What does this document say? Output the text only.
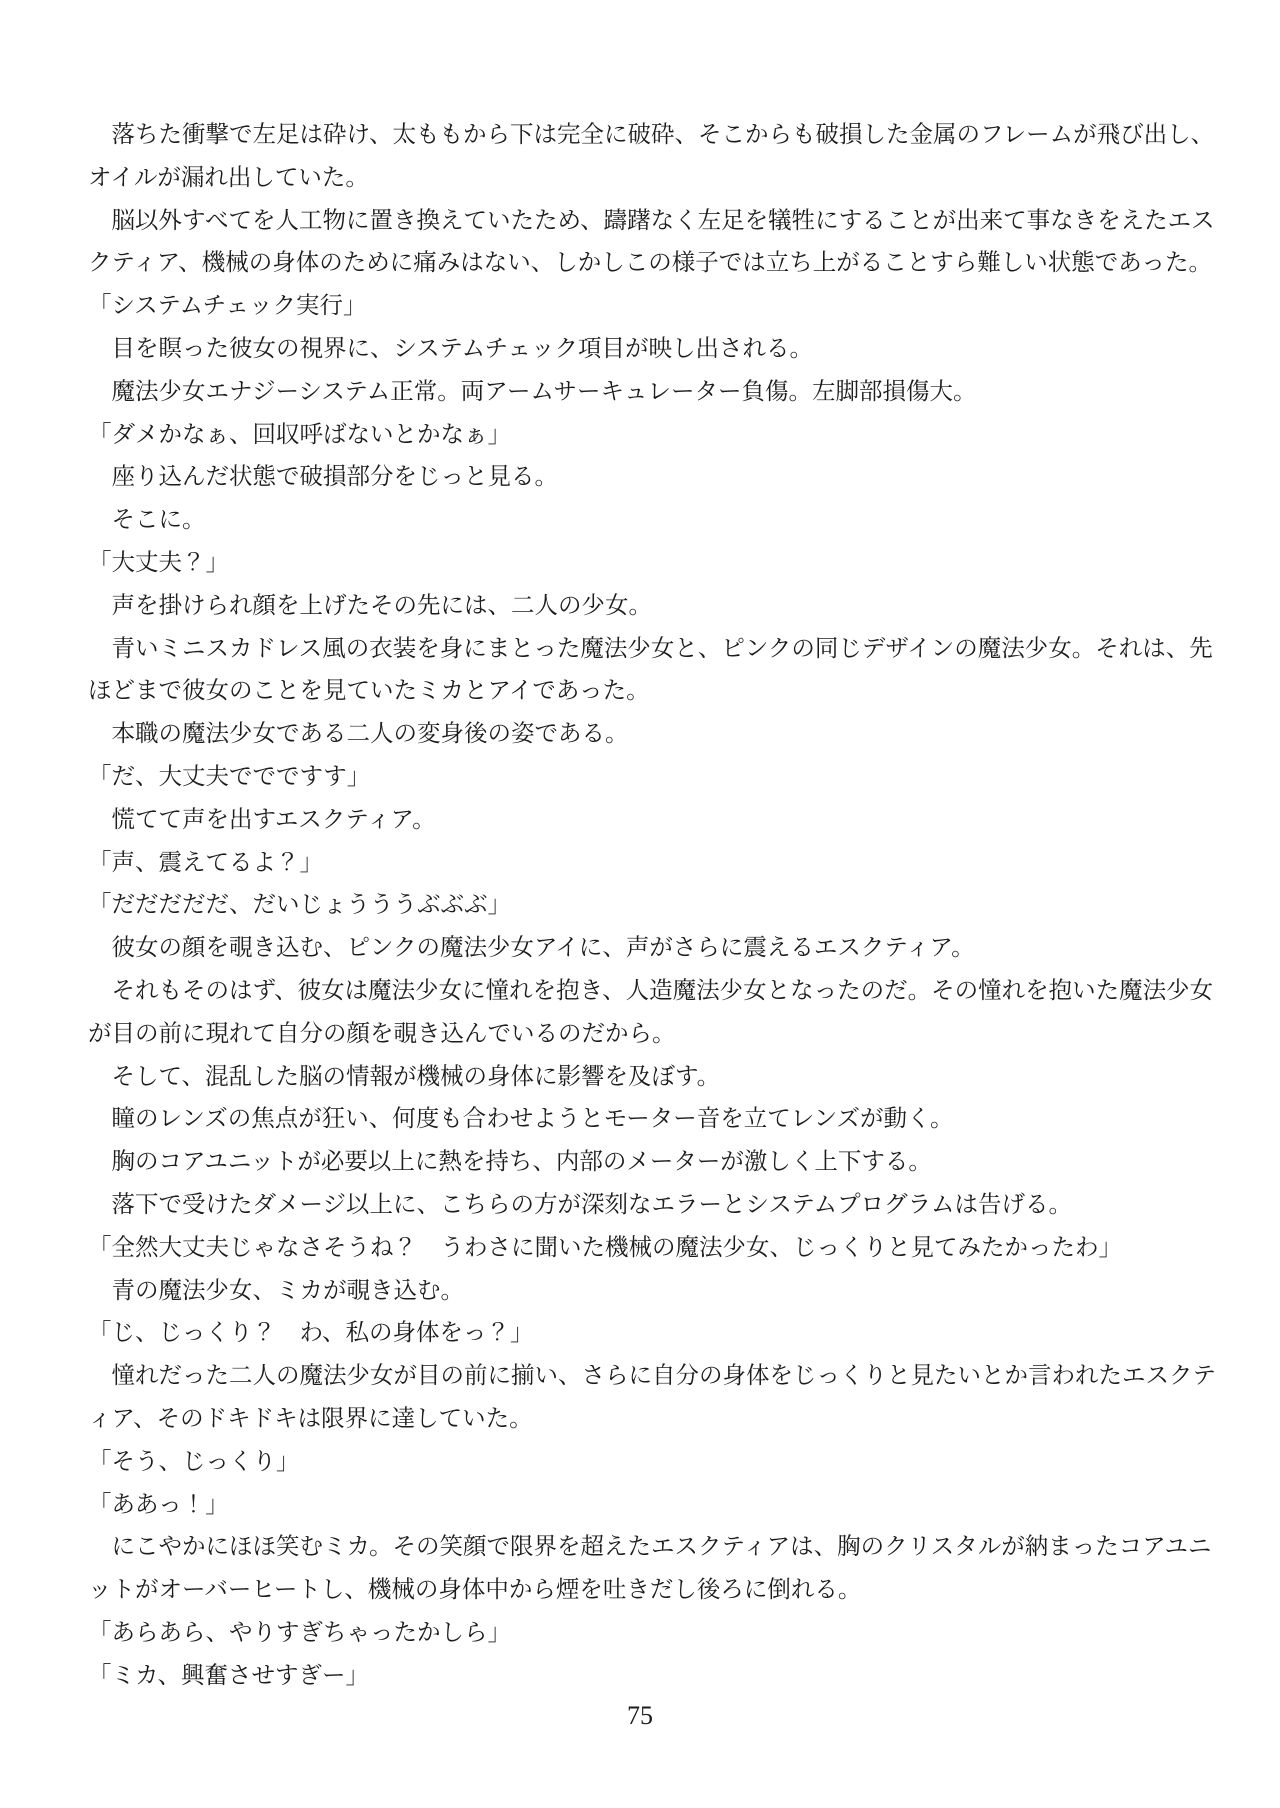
落ちた衝撃で左足は砕け、太ももから下は完全に破砕、そこからも破損した金属のフレームが飛び出し、
オイルが漏れ出していた。
脳以外すべてを人工物に置き換えていたため、躊躇なく左足を犠牲にすることが出来て事なきをえたエス
クティア、機械の身体のために痛みはない、しかしこの様子では立ち上がることすら難しい状態であった。
「システムチェック実行」
目を瞑った彼女の視界に、システムチェック項目が映し出される。
魔法少女エナジーシステム正常。両アームサーキュレーター負傷。左脚部損傷大。
「ダメかなぁ、回収呼ばないとかなぁ」
座り込んだ状態で破損部分をじっと見る。
そこに。
「大丈夫？」
声を掛けられ顔を上げたその先には、二人の少女。
青いミニスカドレス風の衣装を身にまとった魔法少女と、ピンクの同じデザインの魔法少女。それは、先
ほどまで彼女のことを見ていたミカとアイであった。
本職の魔法少女である二人の変身後の姿である。
「だ、大丈夫ででですす」
慌てて声を出すエスクティア。
「声、震えてるよ？」
「だだだだだ、だいじょうううぶぶぶ」
彼女の顔を覗き込む、ピンクの魔法少女アイに、声がさらに震えるエスクティア。
それもそのはず、彼女は魔法少女に憧れを抱き、人造魔法少女となったのだ。その憧れを抱いた魔法少女
が目の前に現れて自分の顔を覗き込んでいるのだから。
そして、混乱した脳の情報が機械の身体に影響を及ぼす。
瞳のレンズの焦点が狂い、何度も合わせようとモーター音を立てレンズが動く。
胸のコアユニットが必要以上に熱を持ち、内部のメーターが激しく上下する。
落下で受けたダメージ以上に、こちらの方が深刻なエラーとシステムプログラムは告げる。
「全然大丈夫じゃなさそうね？　うわさに聞いた機械の魔法少女、じっくりと見てみたかったわ」
青の魔法少女、ミカが覗き込む。
「じ、じっくり？　わ、私の身体をっ？」
憧れだった二人の魔法少女が目の前に揃い、さらに自分の身体をじっくりと見たいとか言われたエスクテ
ィア、そのドキドキは限界に達していた。
「そう、じっくり」
「ああっ！」
にこやかにほほ笑むミカ。その笑顔で限界を超えたエスクティアは、胸のクリスタルが納まったコアユニ
ットがオーバーヒートし、機械の身体中から煙を吐きだし後ろに倒れる。
「あらあら、やりすぎちゃったかしら」
「ミカ、興奮させすぎー」
75
